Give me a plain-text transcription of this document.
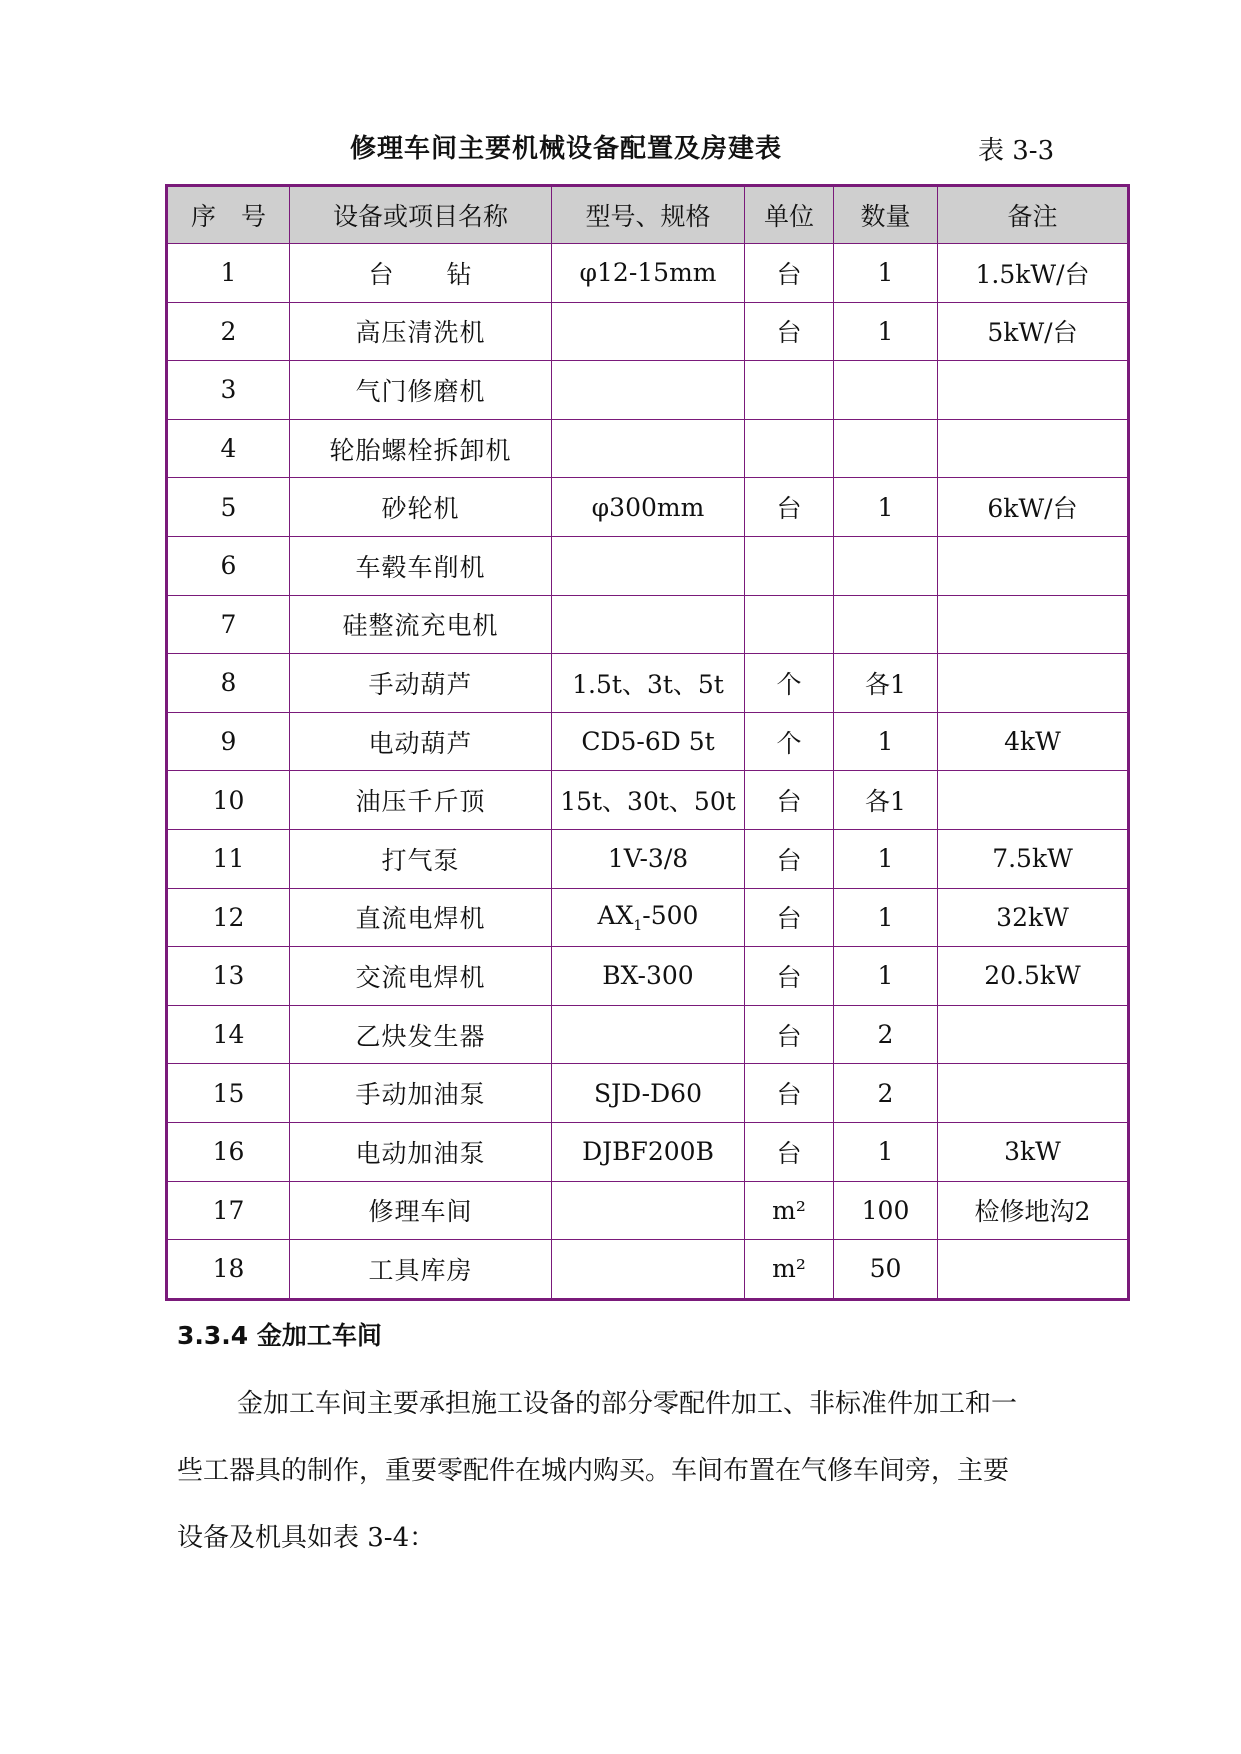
修理车间主要机械设备配置及房建表	表 3-3
序　号	设备或项目名称	型号、规格	单位	数量	备注
1	台　　钻	φ12-15mm	台	1	1.5kW/台
2	高压清洗机		台	1	5kW/台
3	气门修磨机				
4	轮胎螺栓拆卸机				
5	砂轮机	φ300mm	台	1	6kW/台
6	车毂车削机				
7	硅整流充电机				
8	手动葫芦	1.5t、3t、5t	个	各1	
9	电动葫芦	CD5-6D 5t	个	1	4kW
10	油压千斤顶	15t、30t、50t	台	各1	
11	打气泵	1V-3/8	台	1	7.5kW
12	直流电焊机	$AX_1-500$	台	1	32kW
13	交流电焊机	BX-300	台	1	20.5kW
14	乙炔发生器		台	2	
15	手动加油泵	SJD-D60	台	2	
16	电动加油泵	DJBF200B	台	1	3kW
17	修理车间		m²	100	检修地沟2
18	工具库房		m²	50	
3.3.4 金加工车间
金加工车间主要承担施工设备的部分零配件加工、非标准件加工和一
些工器具的制作，重要零配件在城内购买。车间布置在气修车间旁，主要
设备及机具如表 3-4：
